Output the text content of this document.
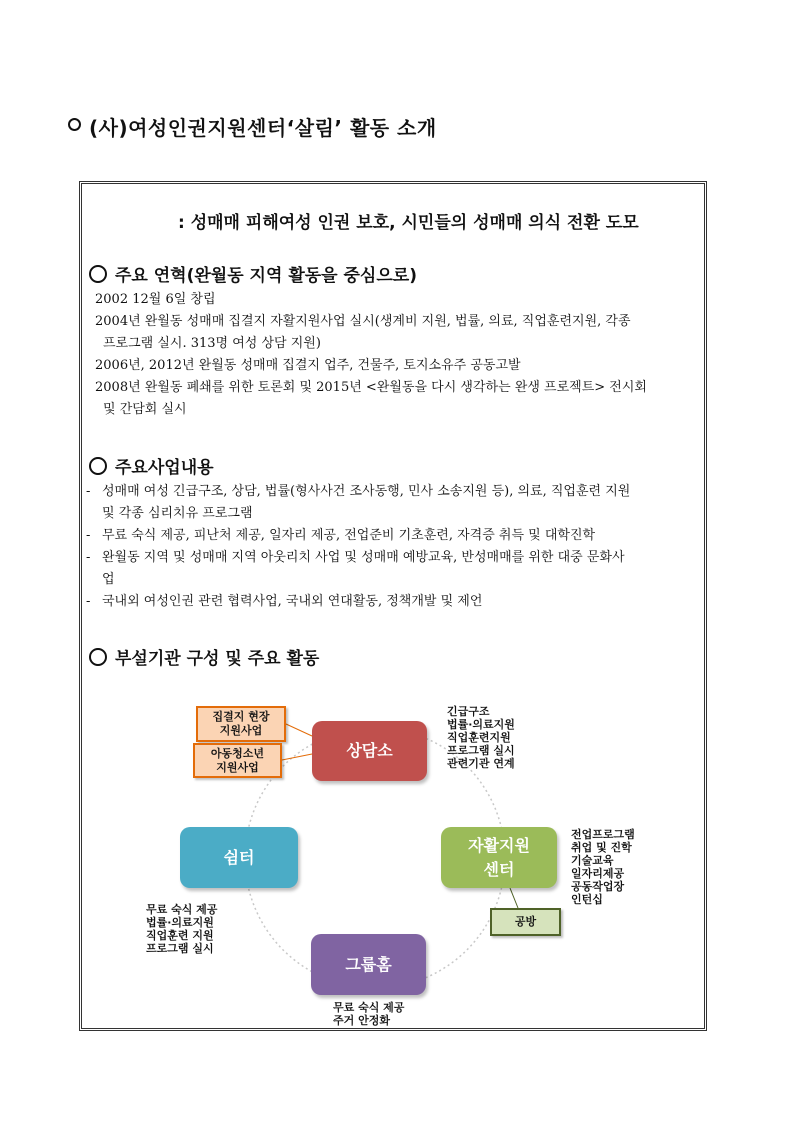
(사)여성인권지원센터‘살림’ 활동 소개
: 성매매 피해여성 인권 보호, 시민들의 성매매 의식 전환 도모
주요 연혁(완월동 지역 활동을 중심으로)

2002 12월 6일 창립

2004년 완월동 성매매 집결지 자활지원사업 실시(생계비 지원, 법률, 의료, 직업훈련지원, 각종
프로그램 실시. 313명 여성 상담 지원)

2006년, 2012년 완월동 성매매 집결지 업주, 건물주, 토지소유주 공동고발

2008년 완월동 폐쇄를 위한 토론회 및 2015년 <완월동을 다시 생각하는 완생 프로젝트> 전시회
및 간담회 실시

주요사업내용
- 성매매 여성 긴급구조, 상담, 법률(형사사건 조사동행, 민사 소송지원 등), 의료, 직업훈련 지원
및 각종 심리치유 프로그램
- 무료 숙식 제공, 피난처 제공, 일자리 제공, 전업준비 기초훈련, 자격증 취득 및 대학진학
- 완월동 지역 및 성매매 지역 아웃리치 사업 및 성매매 예방교육, 반성매매를 위한 대중 문화사
업
- 국내외 여성인권 관련 협력사업, 국내외 연대활동, 정책개발 및 제언
부설기관 구성 및 주요 활동
상담소
자활지원
센터
그룹홈
쉼터
집결지 현장
지원사업
아동청소년
지원사업
공방
긴급구조
법률·의료지원
직업훈련지원
프로그램 실시
관련기관 연계
전업프로그램
취업 및 진학
기술교육
일자리제공
공동작업장
인턴십
무료 숙식 제공
법률·의료지원
직업훈련 지원
프로그램 실시
무료 숙식 제공
주거 안정화
